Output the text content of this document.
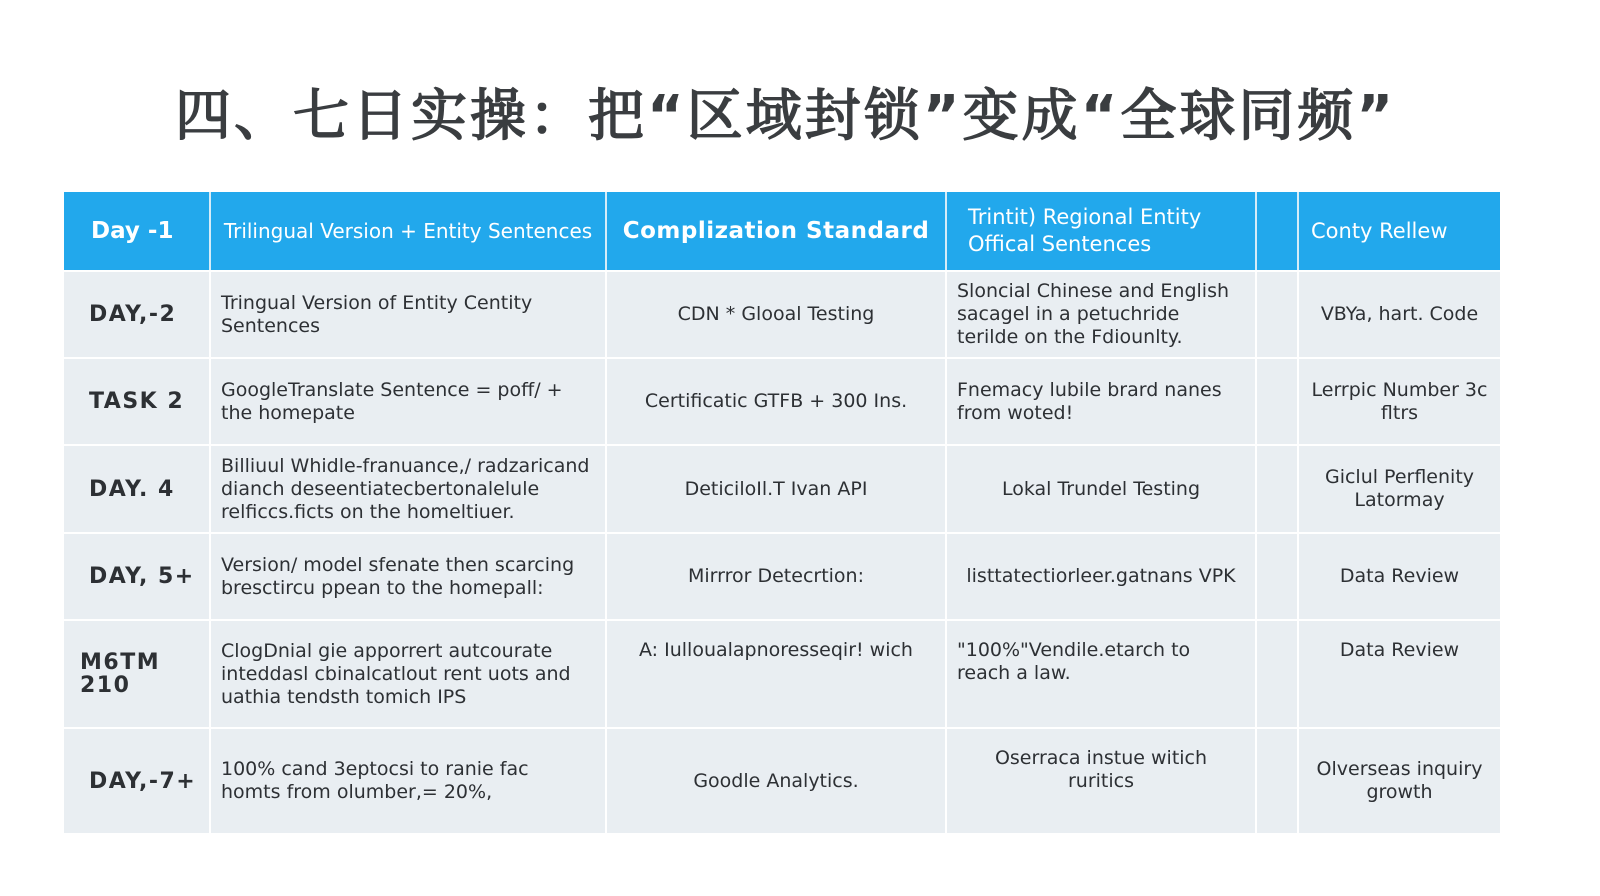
四、七日实操：把“区域封锁”变成“全球同频”
Day -1	Trilingual Version + Entity Sentences	Complization Standard	Trintit) Regional Entity Offical Sentences		Conty Rellew
DAY,-2	Tringual Version of Entity Centity Sentences	CDN * Gloоal Testing	Sloncial Chinese and English sacagel in a petuchride terilde on the Fdiounlty.		VBYa, hart. Code
TASK 2	GoogleTranslate Sentence = poff/ + the homepate	Certificatic GTFB + 300 Ins.	Fnemacy lubile brard nanes from woted!		Lerrpic Number 3c fltrs
DAY. 4	Billiuul Whidle-franuance,/ radzaricand dianch deseentiatecbertonalelule relficcs.ficts on the homeltiuer.	DeticiloIl.T Ivan API	Lokal Trundel Testing		Giclul Perflenity Latormay
DAY, 5+	Version/ model sfenate then scarcing bresctircu ppean to the homepall:	Mirrror Detecrtion:	listtatectiorleer.gatnans VPK		Data Review
M6TM 210	ClogDnial gie apporrert autcourate inteddasl cbinalcatlout rent uots and uathia tendsth tomich IPS	A: Iulloualapnoresseqir! wich	"100%"Vendile.etarch to reach a law.		Data Review
DAY,-7+	100% cand 3eptocsi to ranie fac homts from olumber,= 20%,	Goodle Analytics.	Oserraca instue witich ruritics		Olverseas inquiry growth
